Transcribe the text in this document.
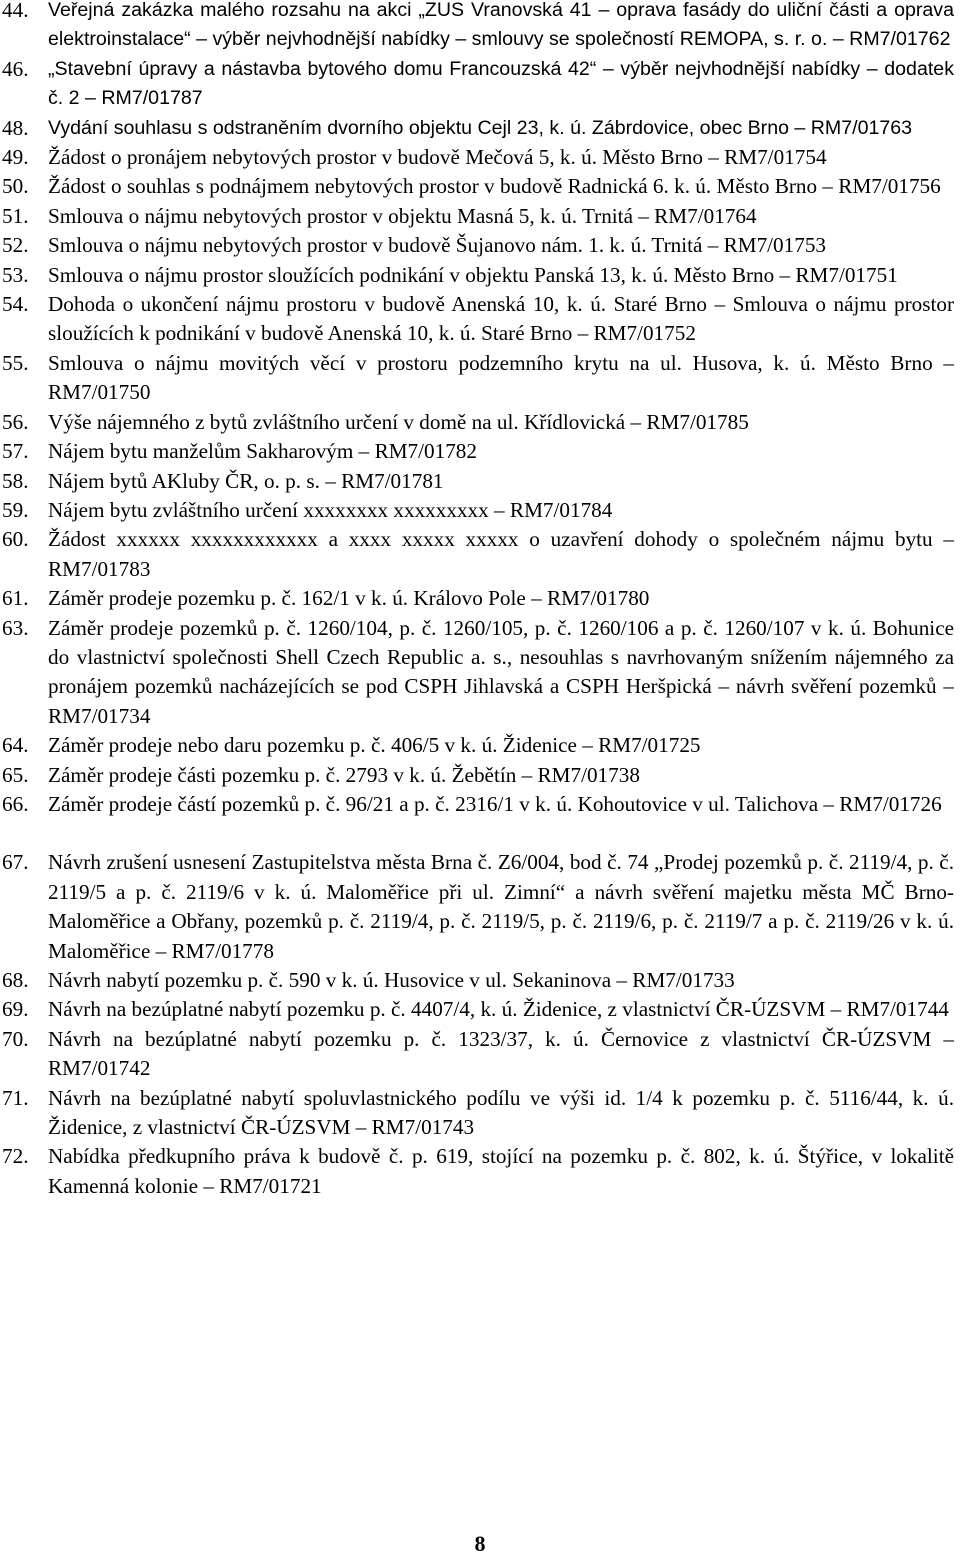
44. Veřejná zakázka malého rozsahu na akci „ZUS Vranovská 41 – oprava fasády do uliční části a oprava elektroinstalace“ – výběr nejvhodnější nabídky – smlouvy se společností REMOPA, s. r. o. – RM7/01762
46. „Stavební úpravy a nástavba bytového domu Francouzská 42“ – výběr nejvhodnější nabídky – dodatek č. 2 – RM7/01787
48. Vydání souhlasu s odstraněním dvorního objektu Cejl 23, k. ú. Zábrdovice, obec Brno – RM7/01763
49. Žádost o pronájem nebytových prostor v budově Mečová 5, k. ú. Město Brno – RM7/01754
50. Žádost o souhlas s podnájmem nebytových prostor v budově Radnická 6. k. ú. Město Brno – RM7/01756
51. Smlouva o nájmu nebytových prostor v objektu Masná 5, k. ú. Trnitá – RM7/01764
52. Smlouva o nájmu nebytových prostor v budově Šujanovo nám. 1. k. ú. Trnitá – RM7/01753
53. Smlouva o nájmu prostor sloužících podnikání v objektu Panská 13, k. ú. Město Brno – RM7/01751
54. Dohoda o ukončení nájmu prostoru v budově Anenská 10, k. ú. Staré Brno – Smlouva o nájmu prostor sloužících k podnikání v budově Anenská 10, k. ú. Staré Brno – RM7/01752
55. Smlouva o nájmu movitých věcí v prostoru podzemního krytu na ul. Husova, k. ú. Město Brno – RM7/01750
56. Výše nájemného z bytů zvláštního určení v domě na ul. Křídlovická – RM7/01785
57. Nájem bytu manželům Sakharovým – RM7/01782
58. Nájem bytů AKluby ČR, o. p. s. – RM7/01781
59. Nájem bytu zvláštního určení xxxxxxxx xxxxxxxxx – RM7/01784
60. Žádost xxxxxx xxxxxxxxxxxx a xxxx xxxxx xxxxx o uzavření dohody o společném nájmu bytu – RM7/01783
61. Záměr prodeje pozemku p. č. 162/1 v k. ú. Královo Pole – RM7/01780
63. Záměr prodeje pozemků p. č. 1260/104, p. č. 1260/105, p. č. 1260/106 a p. č. 1260/107 v k. ú. Bohunice do vlastnictví společnosti Shell Czech Republic a. s., nesouhlas s navrhovaným snížením nájemného za pronájem pozemků nacházejících se pod CSPH Jihlavská a CSPH Heršpická – návrh svěření pozemků – RM7/01734
64. Záměr prodeje nebo daru pozemku p. č. 406/5 v k. ú. Židenice – RM7/01725
65. Záměr prodeje části pozemku p. č. 2793 v k. ú. Žebětín – RM7/01738
66. Záměr prodeje částí pozemků p. č. 96/21 a p. č. 2316/1 v k. ú. Kohoutovice v ul. Talichova – RM7/01726
67. Návrh zrušení usnesení Zastupitelstva města Brna č. Z6/004, bod č. 74 „Prodej pozemků p. č. 2119/4, p. č. 2119/5 a p. č. 2119/6 v k. ú. Maloměřice při ul. Zimní“ a návrh svěření majetku města MČ Brno-Maloměřice a Obřany, pozemků p. č. 2119/4, p. č. 2119/5, p. č. 2119/6, p. č. 2119/7 a p. č. 2119/26 v k. ú. Maloměřice – RM7/01778
68. Návrh nabytí pozemku p. č. 590 v k. ú. Husovice v ul. Sekaninova – RM7/01733
69. Návrh na bezúplatné nabytí pozemku p. č. 4407/4, k. ú. Židenice, z vlastnictví ČR-ÚZSVM – RM7/01744
70. Návrh na bezúplatné nabytí pozemku p. č. 1323/37, k. ú. Černovice z vlastnictví ČR-ÚZSVM – RM7/01742
71. Návrh na bezúplatné nabytí spoluvlastnického podílu ve výši id. 1/4 k pozemku p. č. 5116/44, k. ú. Židenice, z vlastnictví ČR-ÚZSVM – RM7/01743
72. Nabídka předkupního práva k budově č. p. 619, stojící na pozemku p. č. 802, k. ú. Štýřice, v lokalitě Kamenná kolonie – RM7/01721
8
